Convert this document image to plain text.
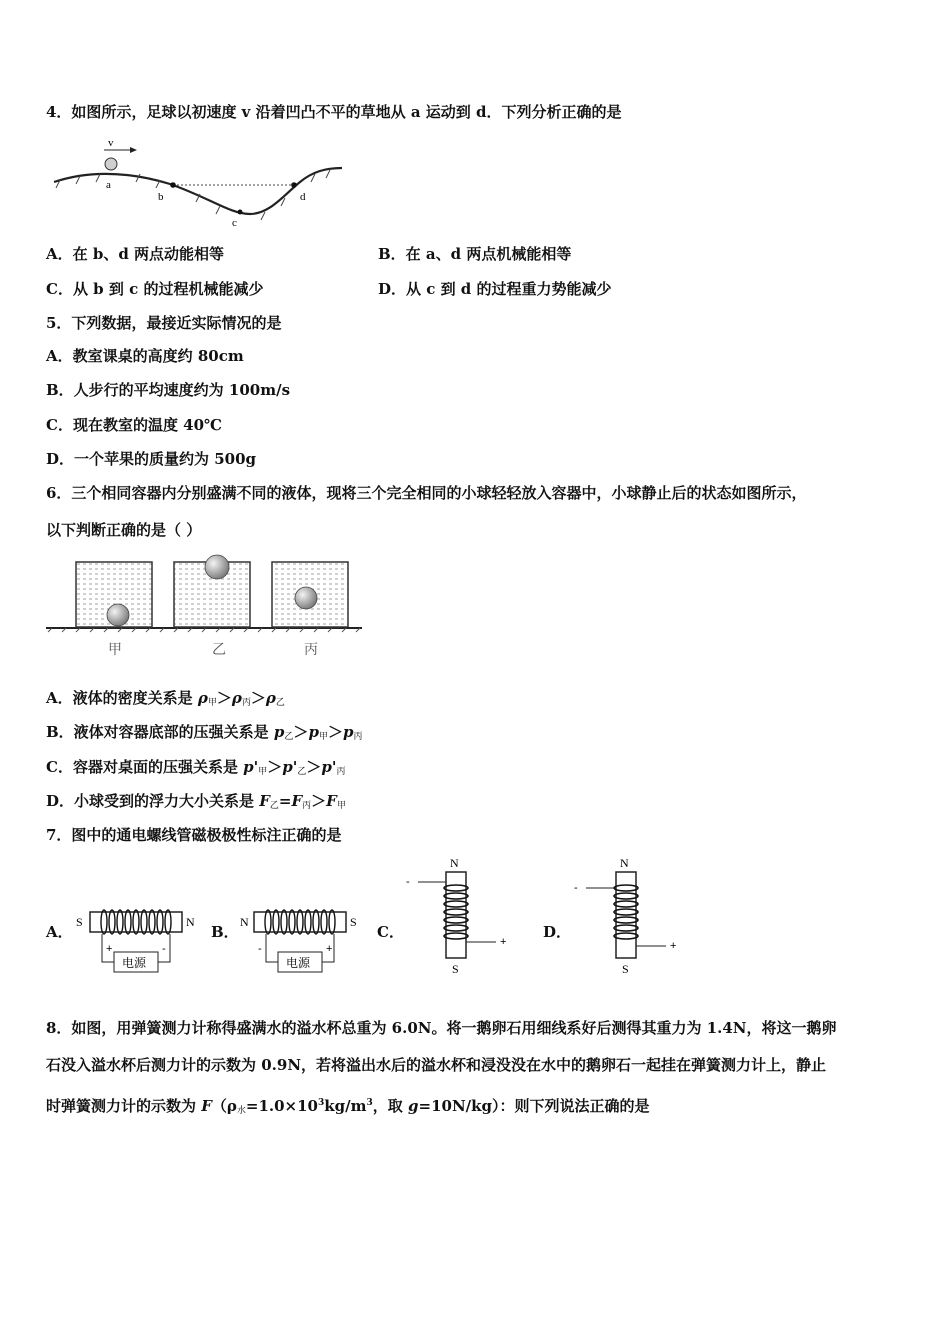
4．如图所示，足球以初速度 v 沿着凹凸不平的草地从 a 运动到 d．下列分析正确的是
v
a
b
c
d
A．在 b、d 两点动能相等	B．在 a、d 两点机械能相等
C．从 b 到 c 的过程机械能减少	D．从 c 到 d 的过程重力势能减少
5．下列数据，最接近实际情况的是
A．教室课桌的高度约 80cm
B．人步行的平均速度约为 100m/s
C．现在教室的温度 40℃
D．一个苹果的质量约为 500g
6．三个相同容器内分别盛满不同的液体，现将三个完全相同的小球轻轻放入容器中，小球静止后的状态如图所示，
以下判断正确的是（ ）
甲	乙	丙
A．液体的密度关系是 $\rho_甲>\rho_丙>\rho_乙$
B．液体对容器底部的压强关系是 $p_乙>p_甲>p_丙$
C．容器对桌面的压强关系是 $p'_甲>p'_乙>p'_丙$
D．小球受到的浮力大小关系是 $F_乙=F_丙>F_甲$
7．图中的通电螺线管磁极极性标注正确的是
A．
电源
S	N
+	-
B．
电源
N	S
-	+
C．
N
S
-
+
D．
N
S
-
+
8．如图，用弹簧测力计称得盛满水的溢水杯总重为 6.0N。将一鹅卵石用细线系好后测得其重力为 1.4N，将这一鹅卵
石没入溢水杯后测力计的示数为 0.9N，若将溢出水后的溢水杯和浸没没在水中的鹅卵石一起挂在弹簧测力计上，静止
时弹簧测力计的示数为 $F(\rho_水=1.0\times 10^3kg/m^3$，取 g=10N/kg）：则下列说法正确的是
